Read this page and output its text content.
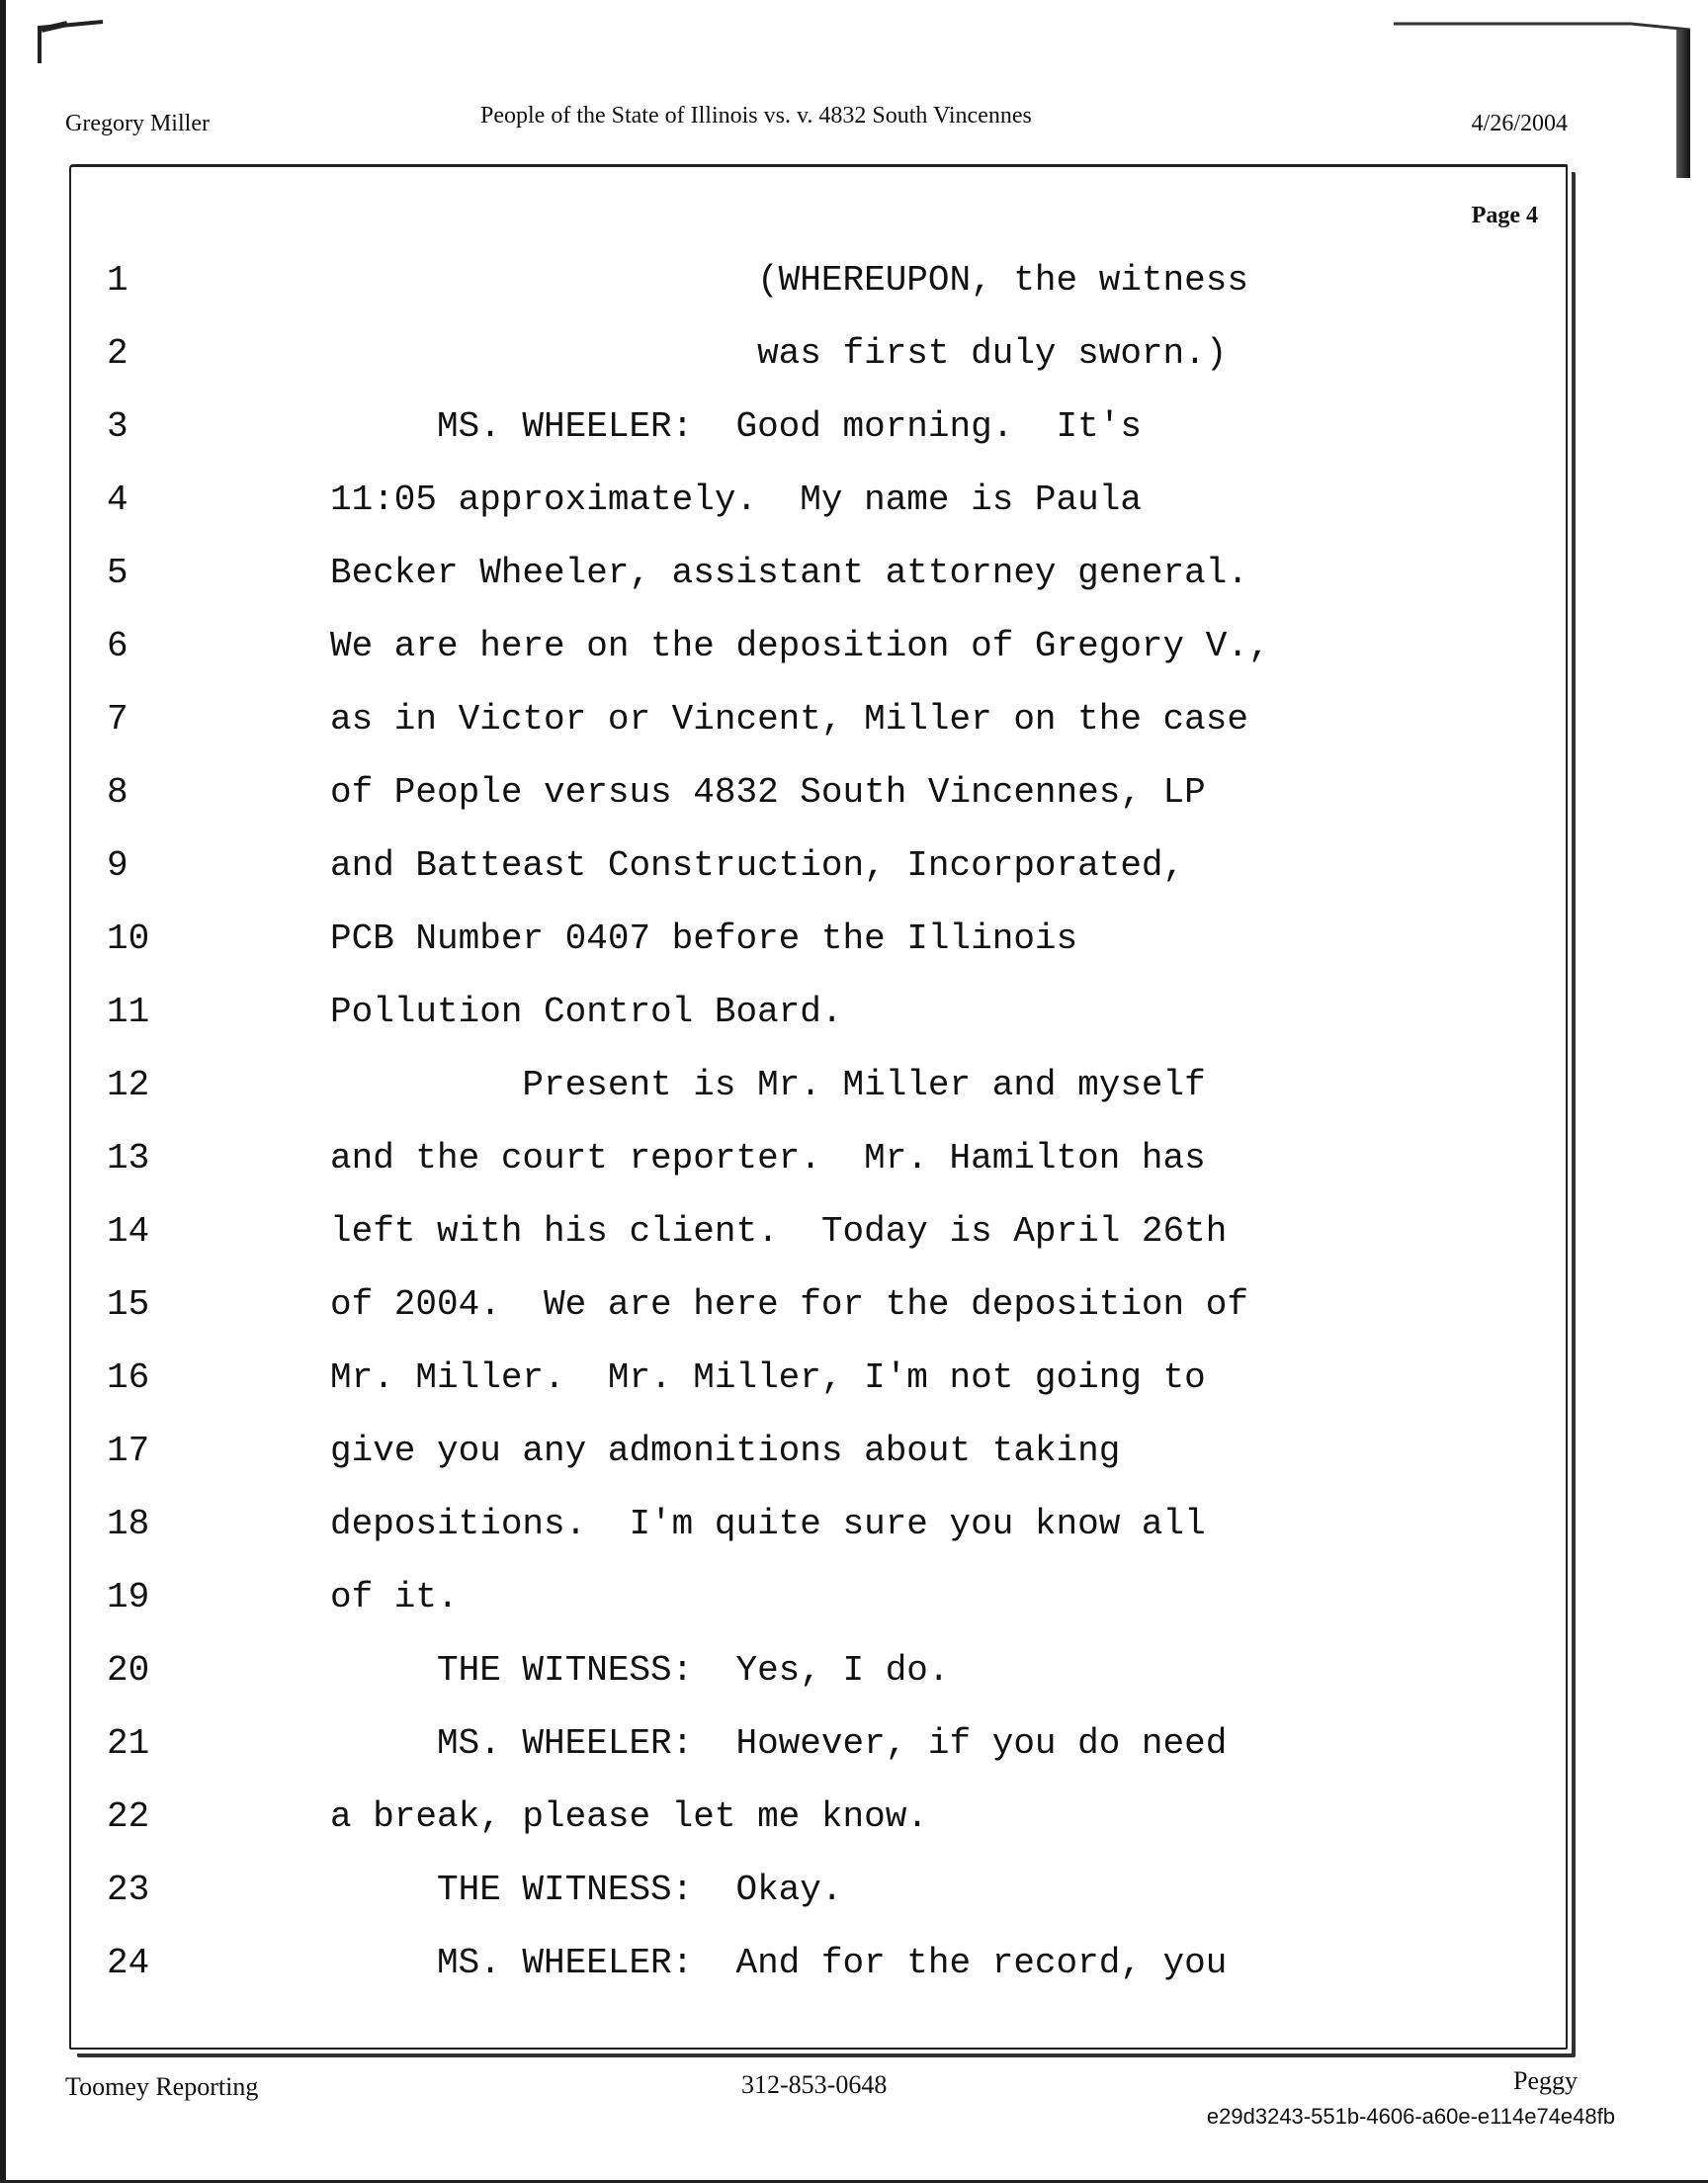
Gregory Miller	People of the State of Illinois vs. v. 4832 South Vincennes	4/26/2004
Page 4
1	(WHEREUPON, the witness
2	was first duly sworn.)
3	MS. WHEELER:  Good morning.  It's
4	11:05 approximately.  My name is Paula
5	Becker Wheeler, assistant attorney general.
6	We are here on the deposition of Gregory V.,
7	as in Victor or Vincent, Miller on the case
8	of People versus 4832 South Vincennes, LP
9	and Batteast Construction, Incorporated,
10	PCB Number 0407 before the Illinois
11	Pollution Control Board.
12	Present is Mr. Miller and myself
13	and the court reporter.  Mr. Hamilton has
14	left with his client.  Today is April 26th
15	of 2004.  We are here for the deposition of
16	Mr. Miller.  Mr. Miller, I'm not going to
17	give you any admonitions about taking
18	depositions.  I'm quite sure you know all
19	of it.
20	THE WITNESS:  Yes, I do.
21	MS. WHEELER:  However, if you do need
22	a break, please let me know.
23	THE WITNESS:  Okay.
24	MS. WHEELER:  And for the record, you
Toomey Reporting	312-853-0648	Peggy
e29d3243-551b-4606-a60e-e114e74e48fb
